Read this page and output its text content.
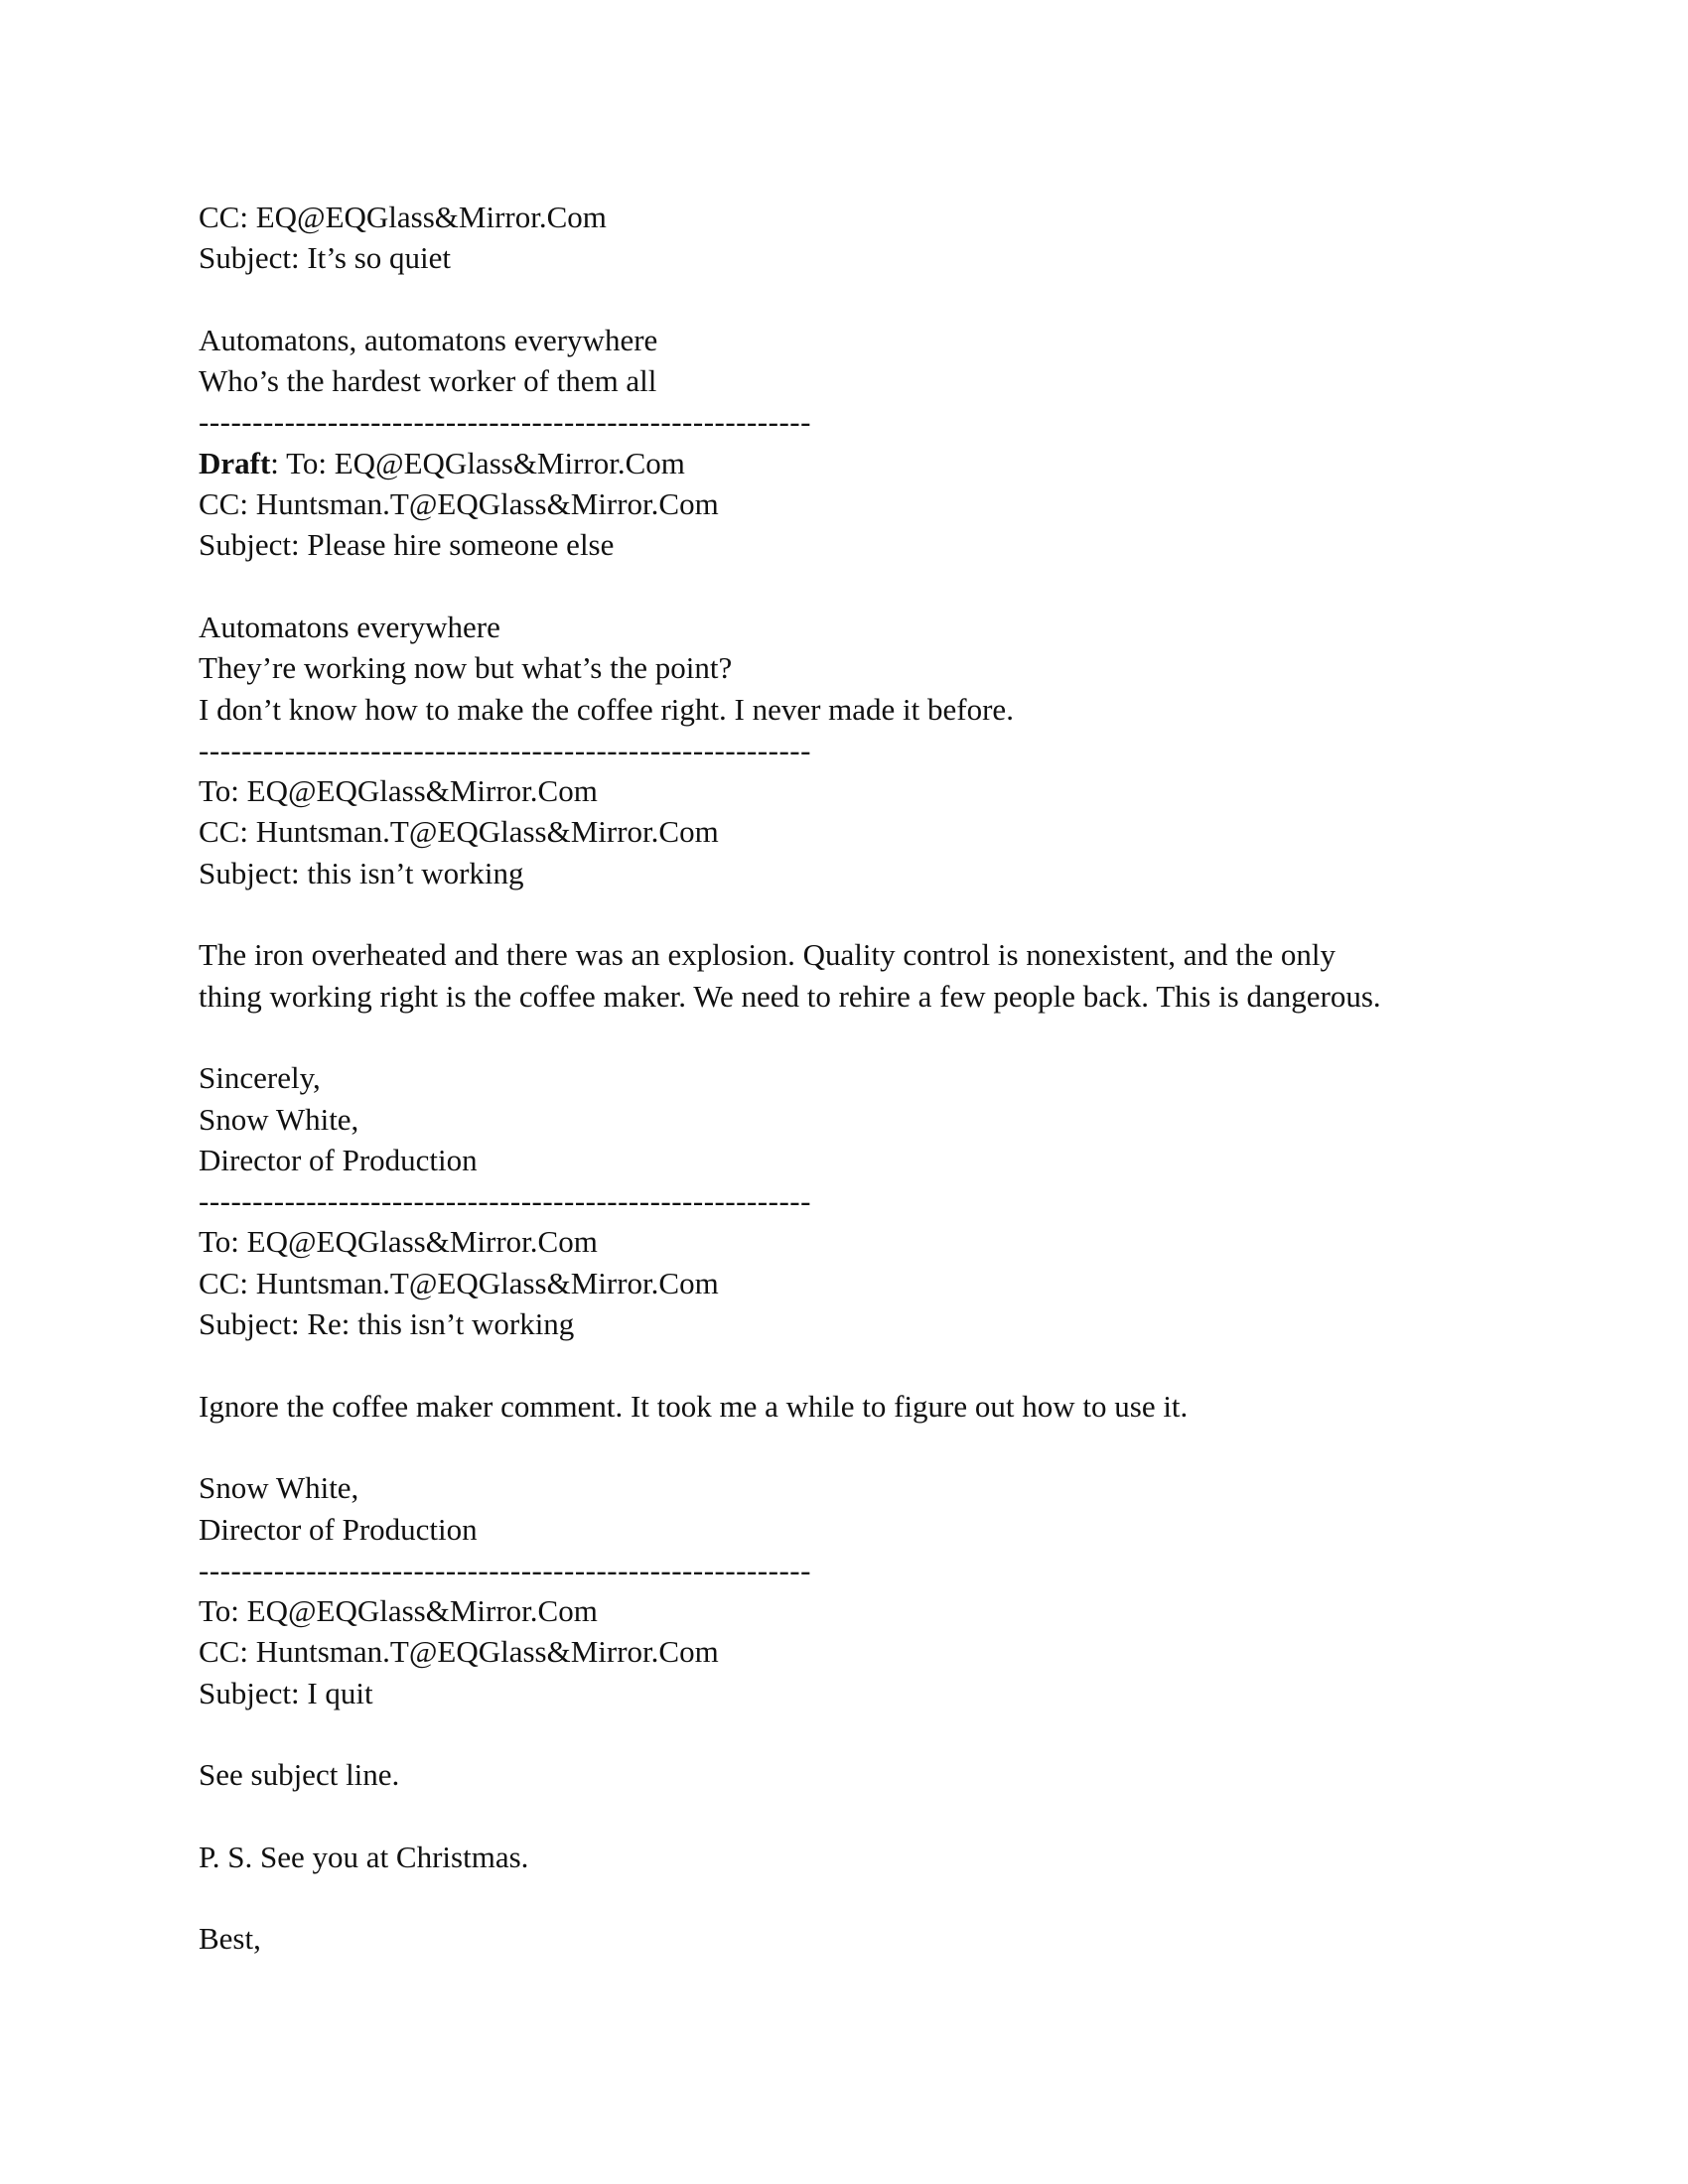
CC: EQ@EQGlass&Mirror.Com
Subject: It’s so quiet
Automatons, automatons everywhere
Who’s the hardest worker of them all
---------------------------------------------------------
Draft: To: EQ@EQGlass&Mirror.Com
CC: Huntsman.T@EQGlass&Mirror.Com
Subject: Please hire someone else
Automatons everywhere
They’re working now but what’s the point?
I don’t know how to make the coffee right. I never made it before.
---------------------------------------------------------
To: EQ@EQGlass&Mirror.Com
CC: Huntsman.T@EQGlass&Mirror.Com
Subject: this isn’t working
The iron overheated and there was an explosion. Quality control is nonexistent, and the only
thing working right is the coffee maker. We need to rehire a few people back. This is dangerous.
Sincerely,
Snow White,
Director of Production
---------------------------------------------------------
To: EQ@EQGlass&Mirror.Com
CC: Huntsman.T@EQGlass&Mirror.Com
Subject: Re: this isn’t working
Ignore the coffee maker comment. It took me a while to figure out how to use it.
Snow White,
Director of Production
---------------------------------------------------------
To: EQ@EQGlass&Mirror.Com
CC: Huntsman.T@EQGlass&Mirror.Com
Subject: I quit
See subject line.
P. S. See you at Christmas.
Best,
